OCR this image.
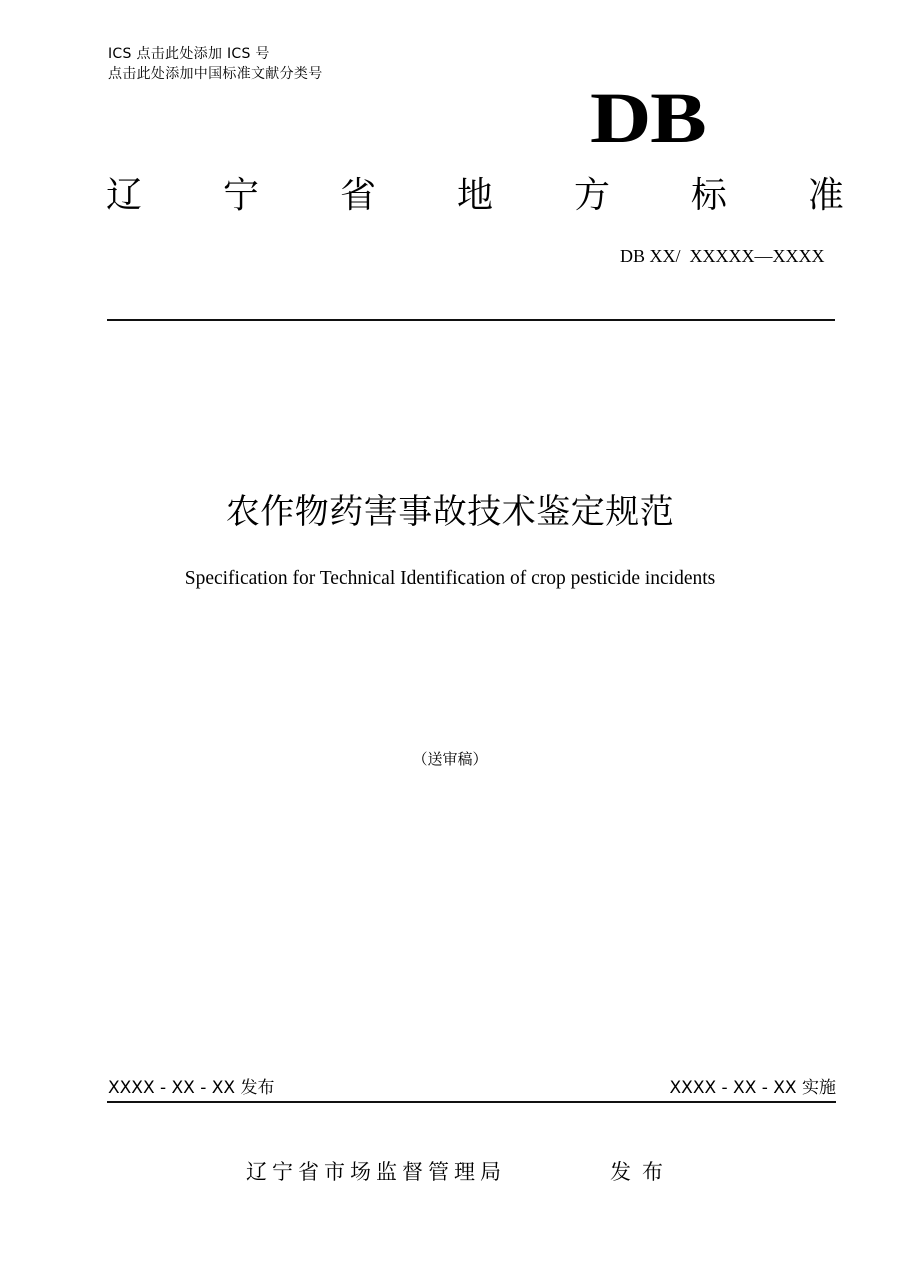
ICS 点击此处添加 ICS 号
点击此处添加中国标准文献分类号
DB
辽 宁 省 地 方 标 准
DB XX/  XXXXX—XXXX
农作物药害事故技术鉴定规范
Specification for Technical Identification of crop pesticide incidents
（送审稿）
XXXX - XX - XX 发布	XXXX - XX - XX 实施
辽宁省市场监督管理局	发布
